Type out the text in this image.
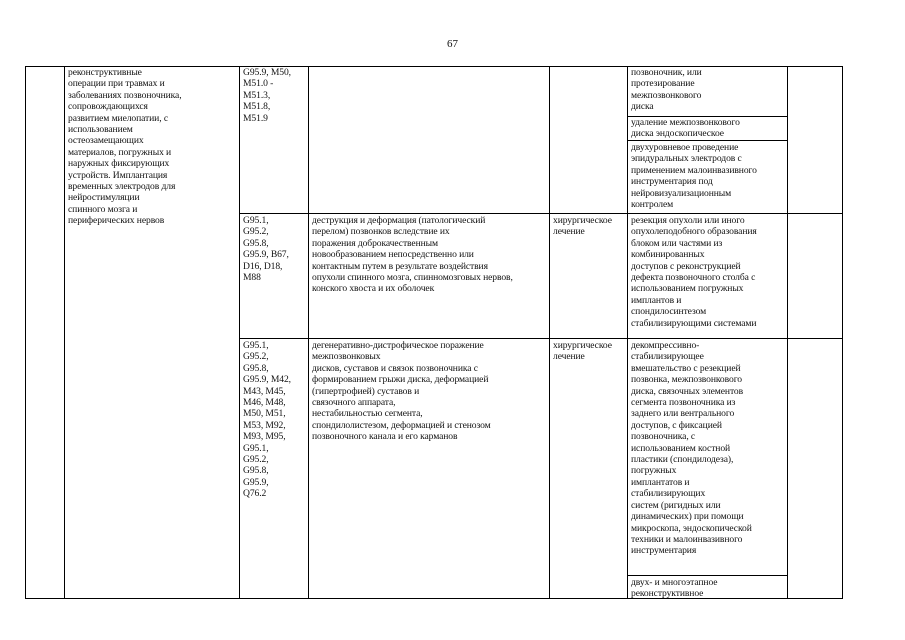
67
реконструктивные
операции при травмах и
заболеваниях позвоночника,
сопровождающихся
развитием миелопатии, с
использованием
остеозамещающих
материалов, погружных и
наружных фиксирующих
устройств. Имплантация
временных электродов для
нейростимуляции
спинного мозга и
периферических нервов
G95.9, M50,
M51.0 -
M51.3,
M51.8,
M51.9
позвоночник, или
протезирование
межпозвонкового
диска
удаление межпозвонкового
диска эндоскопическое
двухуровневое проведение
эпидуральных электродов с
применением малоинвазивного
инструментария под
нейровизуализационным
контролем
G95.1,
G95.2,
G95.8,
G95.9, B67,
D16, D18,
M88
деструкция и деформация (патологический
перелом) позвонков вследствие их
поражения доброкачественным
новообразованием непосредственно или
контактным путем в результате воздействия
опухоли спинного мозга, спинномозговых нервов,
конского хвоста и их оболочек
хирургическое
лечение
резекция опухоли или иного
опухолеподобного образования
блоком или частями из
комбинированных
доступов с реконструкцией
дефекта позвоночного столба с
использованием погружных
имплантов и
спондилосинтезом
стабилизирующими системами
G95.1,
G95.2,
G95.8,
G95.9, M42,
M43, M45,
M46, M48,
M50, M51,
M53, M92,
M93, M95,
G95.1,
G95.2,
G95.8,
G95.9,
Q76.2
дегенеративно-дистрофическое поражение
межпозвонковых
дисков, суставов и связок позвоночника с
формированием грыжи диска, деформацией
(гипертрофией) суставов и
связочного аппарата,
нестабильностью сегмента,
спондилолистезом, деформацией и стенозом
позвоночного канала и его карманов
хирургическое
лечение
декомпрессивно-
стабилизирующее
вмешательство с резекцией
позвонка, межпозвонкового
диска, связочных элементов
сегмента позвоночника из
заднего или вентрального
доступов, с фиксацией
позвоночника, с
использованием костной
пластики (спондилодеза),
погружных
имплантатов и
стабилизирующих
систем (ригидных или
динамических) при помощи
микроскопа, эндоскопической
техники и малоинвазивного
инструментария
двух- и многоэтапное
реконструктивное
